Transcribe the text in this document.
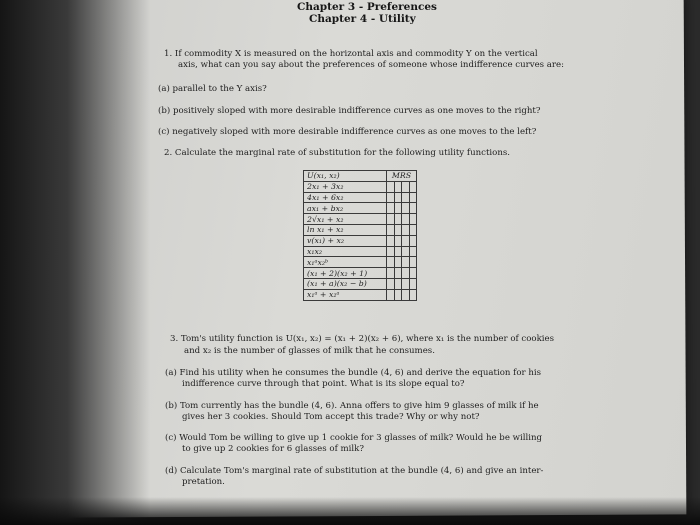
Chapter 3 - Preferences
Chapter 4 - Utility
1. If commodity X is measured on the horizontal axis and commodity Y on the vertical
axis, what can you say about the preferences of someone whose indifference curves are:
(a) parallel to the Y axis?
(b) positively sloped with more desirable indifference curves as one moves to the right?
(c) negatively sloped with more desirable indifference curves as one moves to the left?
2. Calculate the marginal rate of substitution for the following utility functions.
U(x₁, x₂)	MRS			
2x₁ + 3x₂				
4x₁ + 6x₂				
ax₁ + bx₂				
2√x₁ + x₂				
ln x₁ + x₂				
v(x₁) + x₂				
x₁x₂				
x₁ᵃx₂ᵇ				
(x₁ + 2)(x₂ + 1)				
(x₁ + a)(x₂ − b)				
x₁ᵃ + x₂ᵃ				
3. Tom's utility function is U(x₁, x₂) = (x₁ + 2)(x₂ + 6), where x₁ is the number of cookies
and x₂ is the number of glasses of milk that he consumes.
(a) Find his utility when he consumes the bundle (4, 6) and derive the equation for his
indifference curve through that point. What is its slope equal to?
(b) Tom currently has the bundle (4, 6). Anna offers to give him 9 glasses of milk if he
gives her 3 cookies. Should Tom accept this trade? Why or why not?
(c) Would Tom be willing to give up 1 cookie for 3 glasses of milk? Would he be willing
to give up 2 cookies for 6 glasses of milk?
(d) Calculate Tom's marginal rate of substitution at the bundle (4, 6) and give an inter-
pretation.
